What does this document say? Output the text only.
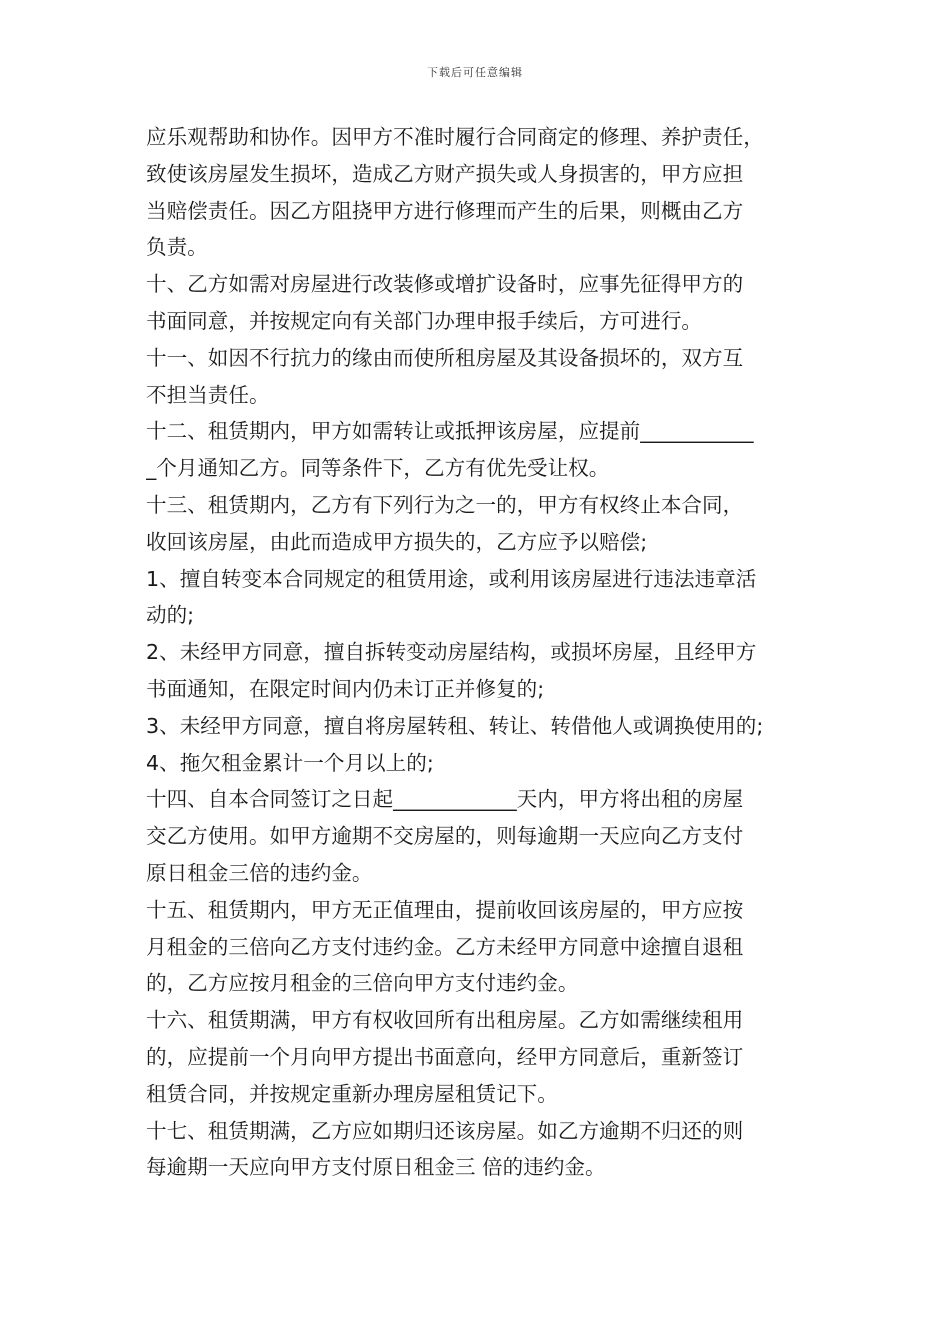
下载后可任意编辑
应乐观帮助和协作。因甲方不准时履行合同商定的修理、养护责任，
致使该房屋发生损坏，造成乙方财产损失或人身损害的，甲方应担
当赔偿责任。因乙方阻挠甲方进行修理而产生的后果，则概由乙方
负责。
十、乙方如需对房屋进行改装修或增扩设备时，应事先征得甲方的
书面同意，并按规定向有关部门办理申报手续后，方可进行。
十一、如因不行抗力的缘由而使所租房屋及其设备损坏的，双方互
不担当责任。
十二、租赁期内，甲方如需转让或抵押该房屋，应提前___________
_个月通知乙方。同等条件下，乙方有优先受让权。
十三、租赁期内，乙方有下列行为之一的，甲方有权终止本合同，
收回该房屋，由此而造成甲方损失的，乙方应予以赔偿;
1、擅自转变本合同规定的租赁用途，或利用该房屋进行违法违章活
动的;
2、未经甲方同意，擅自拆转变动房屋结构，或损坏房屋，且经甲方
书面通知，在限定时间内仍未订正并修复的;
3、未经甲方同意，擅自将房屋转租、转让、转借他人或调换使用的;
4、拖欠租金累计一个月以上的;
十四、自本合同签订之日起____________天内，甲方将出租的房屋
交乙方使用。如甲方逾期不交房屋的，则每逾期一天应向乙方支付
原日租金三倍的违约金。
十五、租赁期内，甲方无正值理由，提前收回该房屋的，甲方应按
月租金的三倍向乙方支付违约金。乙方未经甲方同意中途擅自退租
的，乙方应按月租金的三倍向甲方支付违约金。
十六、租赁期满，甲方有权收回所有出租房屋。乙方如需继续租用
的，应提前一个月向甲方提出书面意向，经甲方同意后，重新签订
租赁合同，并按规定重新办理房屋租赁记下。
十七、租赁期满，乙方应如期归还该房屋。如乙方逾期不归还的则
每逾期一天应向甲方支付原日租金三 倍的违约金。
